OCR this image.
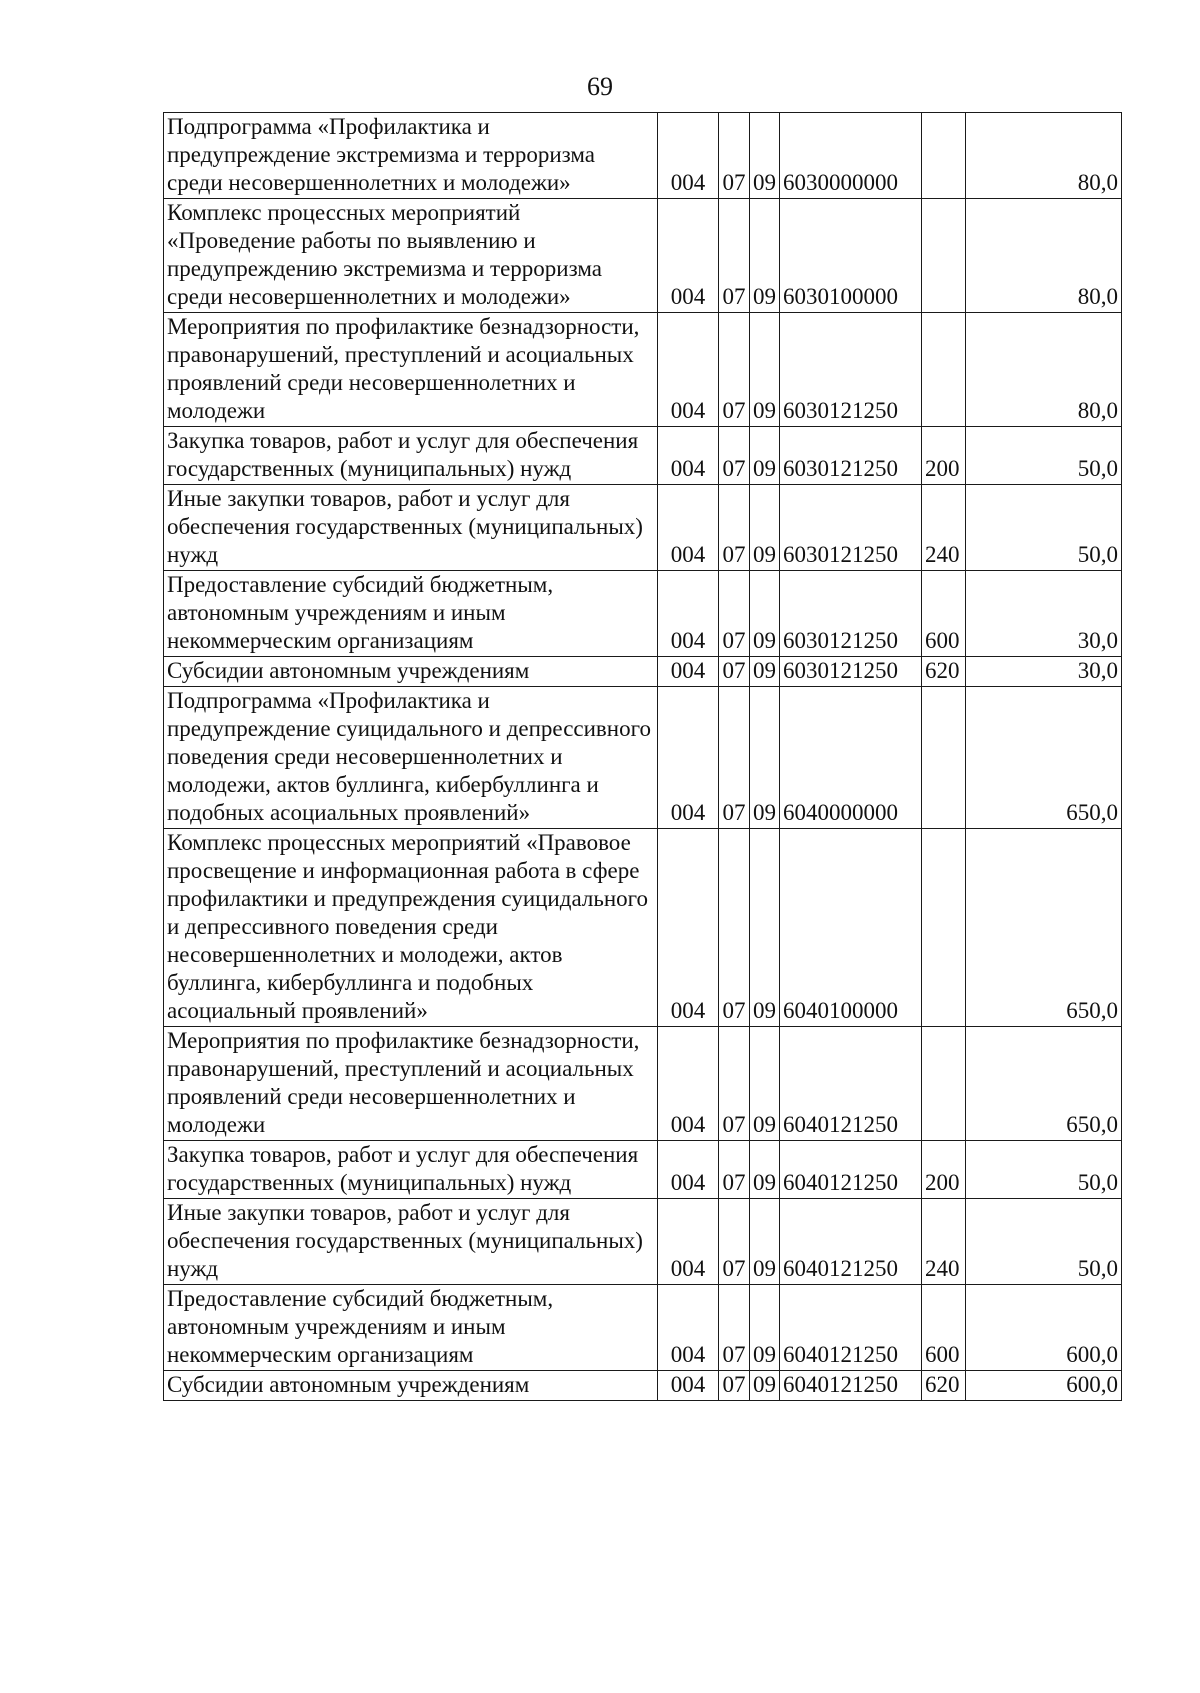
69
Подпрограмма «Профилактика и предупреждение экстремизма и терроризма среди несовершеннолетних и молодежи»	004	07	09	6030000000		80,0
Комплекс процессных мероприятий «Проведение работы по выявлению и предупреждению экстремизма и терроризма среди несовершеннолетних и молодежи»	004	07	09	6030100000		80,0
Мероприятия по профилактике безнадзорности, правонарушений, преступлений и асоциальных проявлений среди несовершеннолетних и молодежи	004	07	09	6030121250		80,0
Закупка товаров, работ и услуг для обеспечения государственных (муниципальных) нужд	004	07	09	6030121250	200	50,0
Иные закупки товаров, работ и услуг для обеспечения государственных (муниципальных) нужд	004	07	09	6030121250	240	50,0
Предоставление субсидий бюджетным, автономным учреждениям и иным некоммерческим организациям	004	07	09	6030121250	600	30,0
Субсидии автономным учреждениям	004	07	09	6030121250	620	30,0
Подпрограмма «Профилактика и предупреждение суицидального и депрессивного поведения среди несовершеннолетних и молодежи, актов буллинга, кибербуллинга и подобных асоциальных проявлений»	004	07	09	6040000000		650,0
Комплекс процессных мероприятий «Правовое просвещение и информационная работа в сфере профилактики и предупреждения суицидального и депрессивного поведения среди несовершеннолетних и молодежи, актов буллинга, кибербуллинга и подобных асоциальный проявлений»	004	07	09	6040100000		650,0
Мероприятия по профилактике безнадзорности, правонарушений, преступлений и асоциальных проявлений среди несовершеннолетних и молодежи	004	07	09	6040121250		650,0
Закупка товаров, работ и услуг для обеспечения государственных (муниципальных) нужд	004	07	09	6040121250	200	50,0
Иные закупки товаров, работ и услуг для обеспечения государственных (муниципальных) нужд	004	07	09	6040121250	240	50,0
Предоставление субсидий бюджетным, автономным учреждениям и иным некоммерческим организациям	004	07	09	6040121250	600	600,0
Субсидии автономным учреждениям	004	07	09	6040121250	620	600,0
